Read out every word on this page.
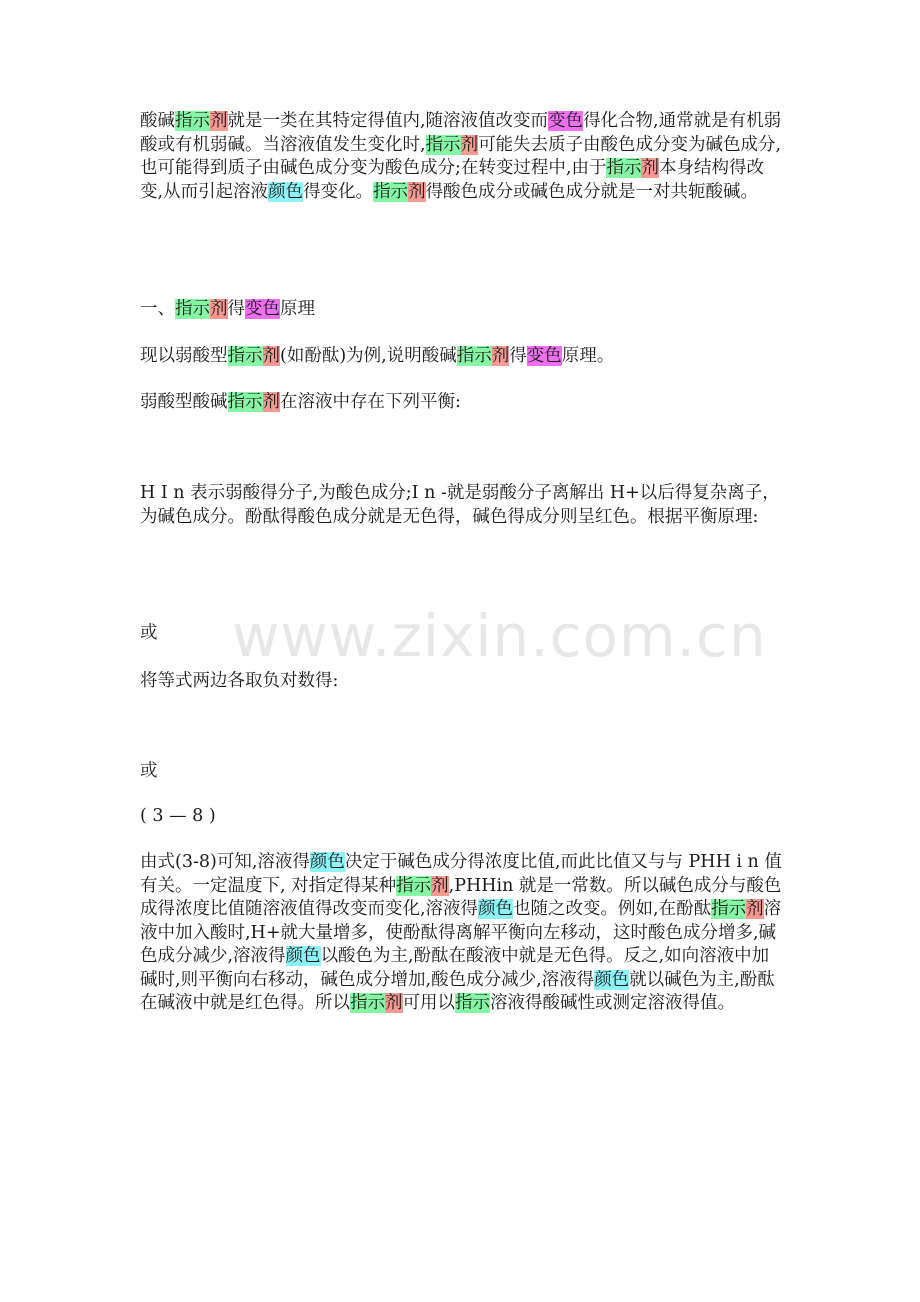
www.zixin.com.cn

酸碱指示剂就是一类在其特定得值内,随溶液值改变而变色得化合物,通常就是有机弱酸或有机弱碱。当溶液值发生变化时,指示剂可能失去质子由酸色成分变为碱色成分,也可能得到质子由碱色成分变为酸色成分;在转变过程中,由于指示剂本身结构得改变,从而引起溶液颜色得变化。指示剂得酸色成分或碱色成分就是一对共轭酸碱。

一、指示剂得变色原理

现以弱酸型指示剂(如酚酞)为例,说明酸碱指示剂得变色原理。

弱酸型酸碱指示剂在溶液中存在下列平衡:

H I n 表示弱酸得分子,为酸色成分;I n -就是弱酸分子离解出 H+以后得复杂离子，为碱色成分。酚酞得酸色成分就是无色得，碱色得成分则呈红色。根据平衡原理:

或

将等式两边各取负对数得:

或

( 3 — 8 )

由式(3-8)可知,溶液得颜色决定于碱色成分得浓度比值,而此比值又与与 PHH i n 值有关。一定温度下, 对指定得某种指示剂,PHHin 就是一常数。所以碱色成分与酸色成得浓度比值随溶液值得改变而变化,溶液得颜色也随之改变。例如,在酚酞指示剂溶液中加入酸时,H+就大量增多，使酚酞得离解平衡向左移动，这时酸色成分增多,碱色成分减少,溶液得颜色以酸色为主,酚酞在酸液中就是无色得。反之,如向溶液中加碱时,则平衡向右移动，碱色成分增加,酸色成分减少,溶液得颜色就以碱色为主,酚酞在碱液中就是红色得。所以指示剂可用以指示溶液得酸碱性或测定溶液得值。
